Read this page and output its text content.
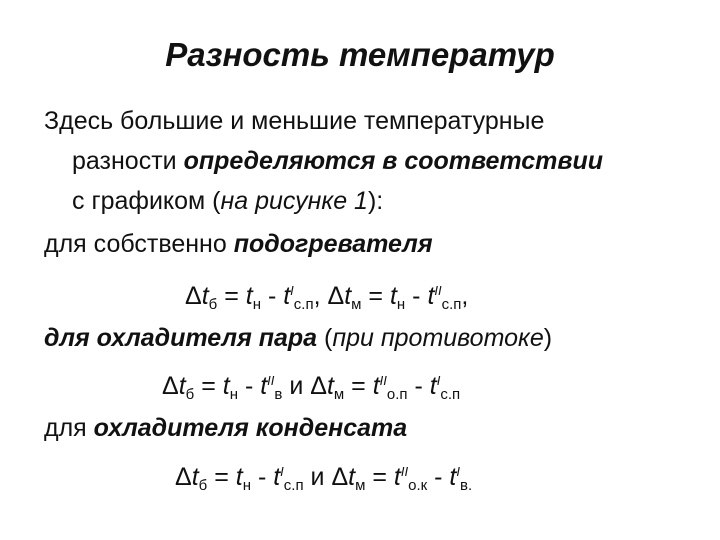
Разность температур
Здесь большие и меньшие температурные
разности определяются в соответствии
с графиком (на рисунке 1):
для собственно подогревателя
$\Delta t_б = t_н - t^I_{с.п}$, $\Delta t_м = t_н - t^{II}_{с.п}$,
для охладителя пара (при противотоке)
$\Delta t_б = t_н - t^{II}_в$ и $\Delta t_м = t^{II}_{о.п} - t^I_{с.п}$
для охладителя конденсата
$\Delta t_б = t_н - t^I_{с.п}$ и $\Delta t_м = t^{II}_{о.к} - t^I_{в.}$
